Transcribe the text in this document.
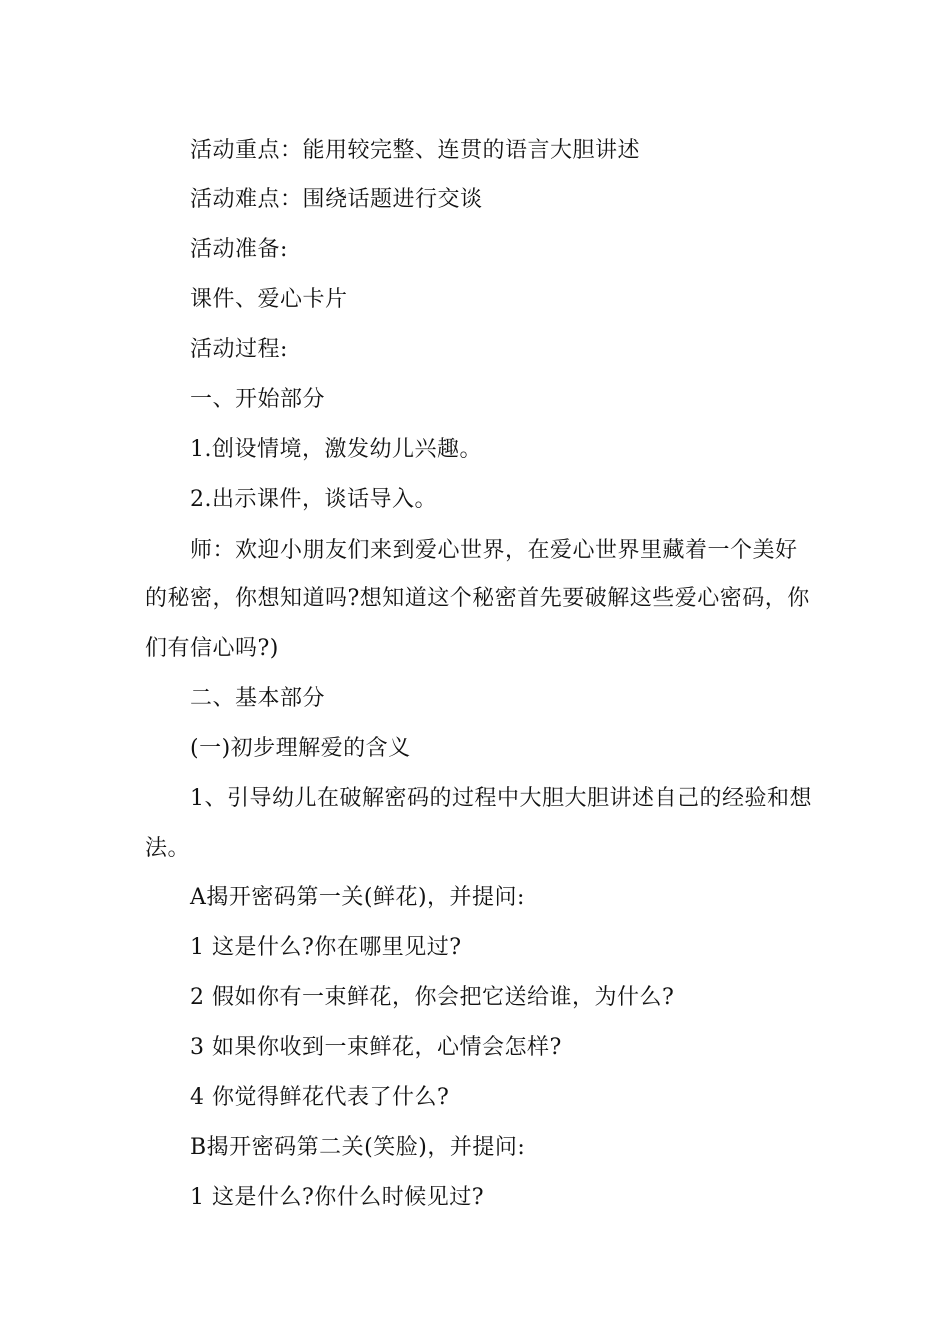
活动重点：能用较完整、连贯的语言大胆讲述
活动难点：围绕话题进行交谈
活动准备:
课件、爱心卡片
活动过程:
一、开始部分
1.创设情境，激发幼儿兴趣。
2.出示课件，谈话导入。
师：欢迎小朋友们来到爱心世界，在爱心世界里藏着一个美好
的秘密，你想知道吗?想知道这个秘密首先要破解这些爱心密码，你
们有信心吗?)
二、基本部分
(一)初步理解爱的含义
1、引导幼儿在破解密码的过程中大胆大胆讲述自己的经验和想
法。
A揭开密码第一关(鲜花)，并提问:
1 这是什么?你在哪里见过?
2 假如你有一束鲜花，你会把它送给谁，为什么?
3 如果你收到一束鲜花，心情会怎样?
4 你觉得鲜花代表了什么?
B揭开密码第二关(笑脸)，并提问:
1 这是什么?你什么时候见过?
